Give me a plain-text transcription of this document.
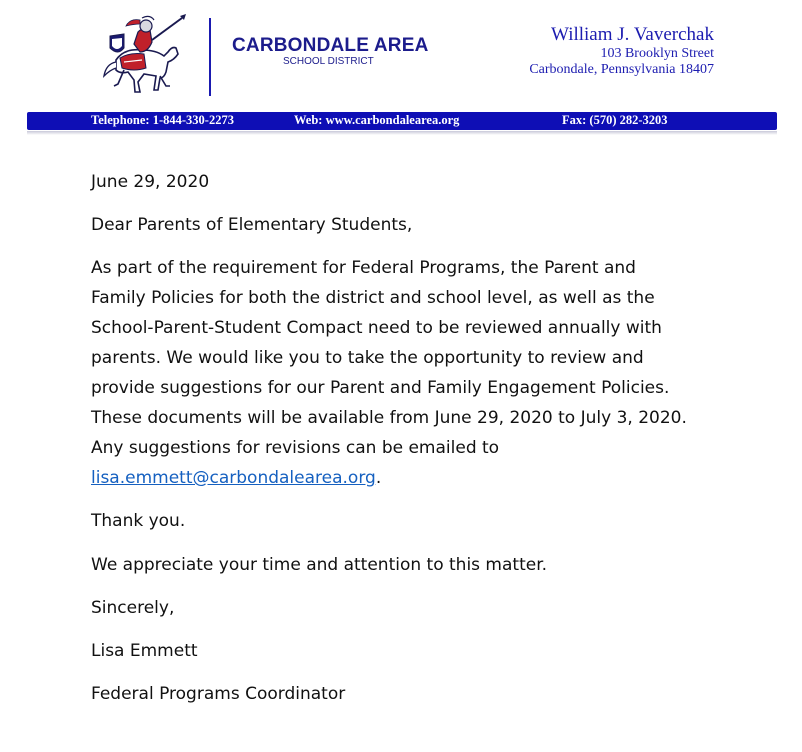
CARBONDALE AREA
SCHOOL DISTRICT
William J. Vaverchak
103 Brooklyn Street
Carbondale, Pennsylvania 18407
Telephone: 1-844-330-2273	Web: www.carbondalearea.org	Fax: (570) 282-3203
June 29, 2020
Dear Parents of Elementary Students,
As part of the requirement for Federal Programs, the Parent and
Family Policies for both the district and school level, as well as the
School-Parent-Student Compact need to be reviewed annually with
parents. We would like you to take the opportunity to review and
provide suggestions for our Parent and Family Engagement Policies.
These documents will be available from June 29, 2020 to July 3, 2020.
Any suggestions for revisions can be emailed to
lisa.emmett@carbondalearea.org.
Thank you.
We appreciate your time and attention to this matter.
Sincerely,
Lisa Emmett
Federal Programs Coordinator
